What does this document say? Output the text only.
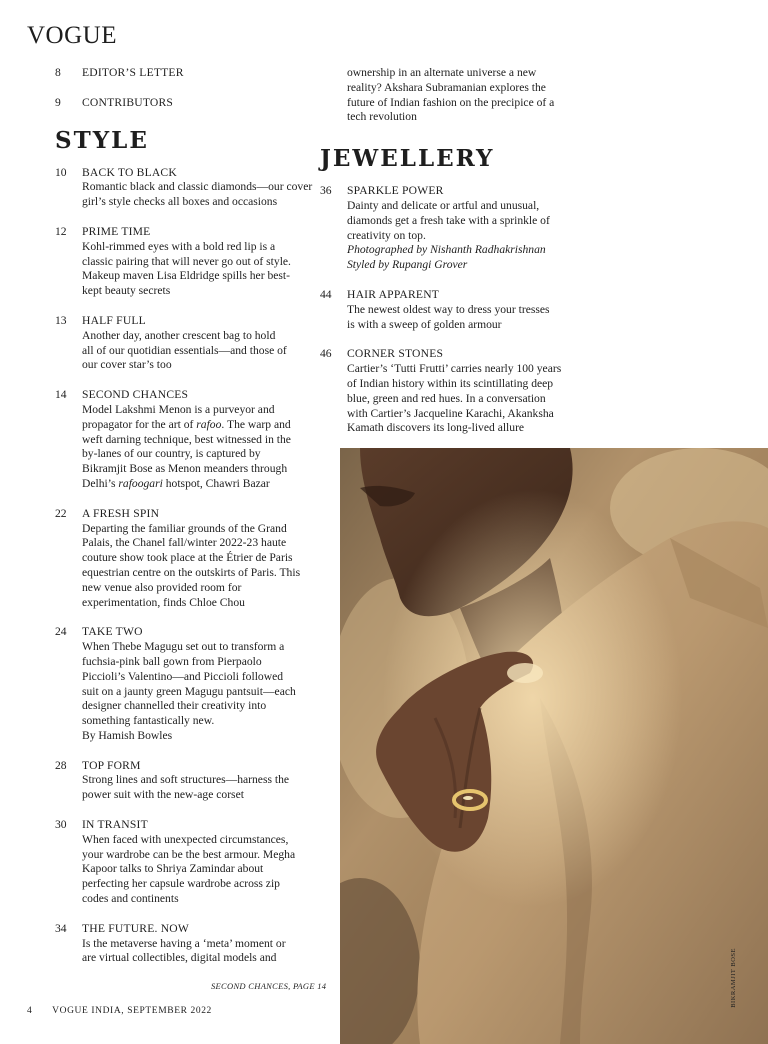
VOGUE
8 EDITOR’S LETTER
9 CONTRIBUTORS
STYLE
10 BACK TO BLACK
Romantic black and classic diamonds—our cover girl’s style checks all boxes and occasions
12 PRIME TIME
Kohl-rimmed eyes with a bold red lip is a classic pairing that will never go out of style. Makeup maven Lisa Eldridge spills her best-kept beauty secrets
13 HALF FULL
Another day, another crescent bag to hold all of our quotidian essentials—and those of our cover star’s too
14 SECOND CHANCES
Model Lakshmi Menon is a purveyor and propagator for the art of rafoo. The warp and weft darning technique, best witnessed in the by-lanes of our country, is captured by Bikramjit Bose as Menon meanders through Delhi’s rafoogari hotspot, Chawri Bazar
22 A FRESH SPIN
Departing the familiar grounds of the Grand Palais, the Chanel fall/winter 2022-23 haute couture show took place at the Étrier de Paris equestrian centre on the outskirts of Paris. This new venue also provided room for experimentation, finds Chloe Chou
24 TAKE TWO
When Thebe Magugu set out to transform a fuchsia-pink ball gown from Pierpaolo Piccioli’s Valentino—and Piccioli followed suit on a jaunty green Magugu pantsuit—each designer channelled their creativity into something fantastically new.
By Hamish Bowles
28 TOP FORM
Strong lines and soft structures—harness the power suit with the new-age corset
30 IN TRANSIT
When faced with unexpected circumstances, your wardrobe can be the best armour. Megha Kapoor talks to Shriya Zamindar about perfecting her capsule wardrobe across zip codes and continents
34 THE FUTURE. NOW
Is the metaverse having a ‘meta’ moment or are virtual collectibles, digital models and
ownership in an alternate universe a new reality? Akshara Subramanian explores the future of Indian fashion on the precipice of a tech revolution
JEWELLERY
36 SPARKLE POWER
Dainty and delicate or artful and unusual, diamonds get a fresh take with a sprinkle of creativity on top.
Photographed by Nishanth Radhakrishnan
Styled by Rupangi Grover
44 HAIR APPARENT
The newest oldest way to dress your tresses is with a sweep of golden armour
46 CORNER STONES
Cartier’s ‘Tutti Frutti’ carries nearly 100 years of Indian history within its scintillating deep blue, green and red hues. In a conversation with Cartier’s Jacqueline Karachi, Akanksha Kamath discovers its long-lived allure
BIKRAMJIT BOSE
SECOND CHANCES, PAGE 14
4 VOGUE INDIA, SEPTEMBER 2022
